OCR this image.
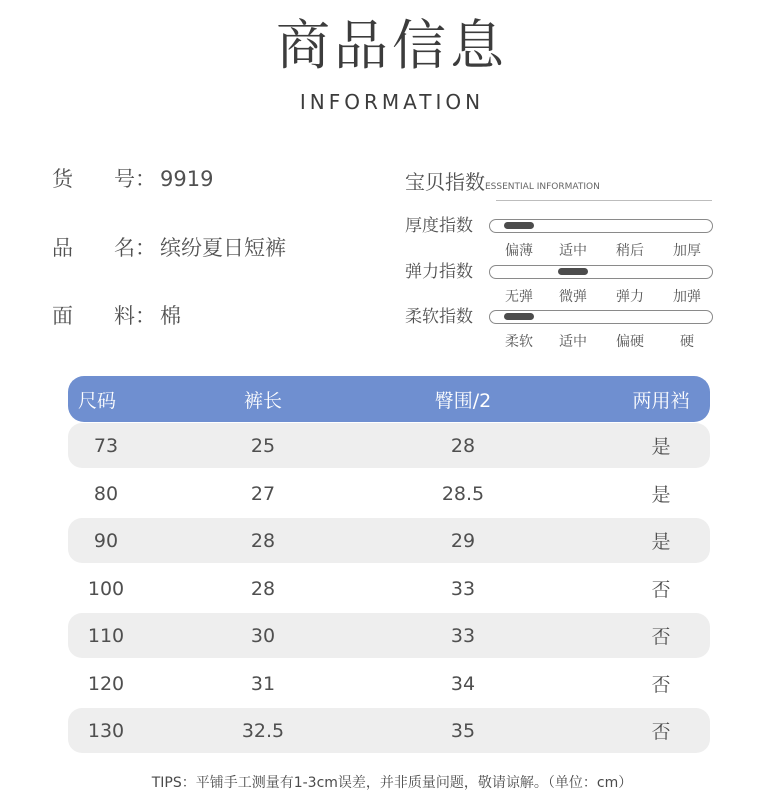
商品信息
INFORMATION
货 号： 9919
品 名： 缤纷夏日短裤
面 料： 棉
宝贝指数ESSENTIAL INFORMATION
厚度指数
偏薄	适中	稍后	加厚
弹力指数
无弹	微弹	弹力	加弹
柔软指数
柔软	适中	偏硬	硬
尺码	裤长	臀围/2	两用裆
73	25	28	是
80	27	28.5	是
90	28	29	是
100	28	33	否
110	30	33	否
120	31	34	否
130	32.5	35	否
TIPS：平铺手工测量有1-3cm误差，并非质量问题，敬请谅解。（单位：cm）
